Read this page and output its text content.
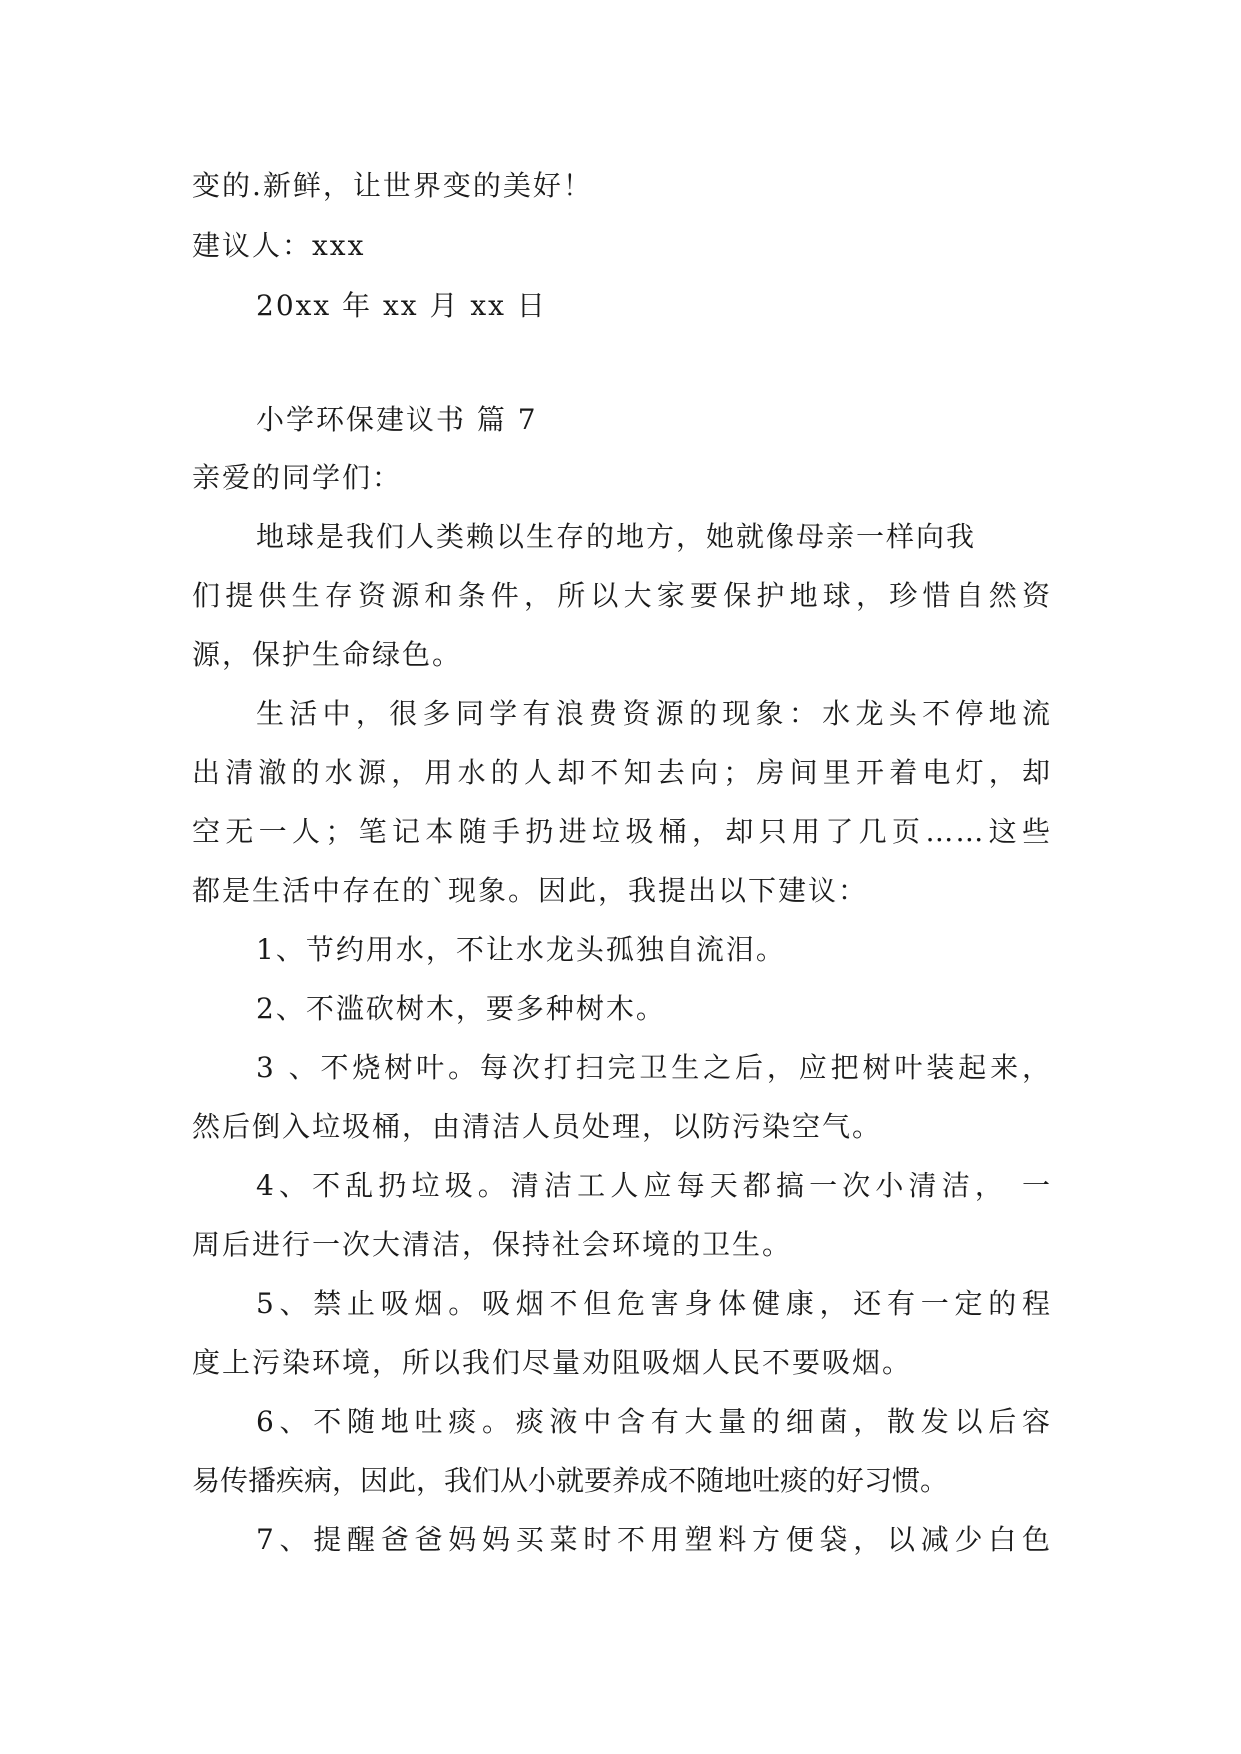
变的.新鲜，让世界变的美好！
建议人：xxx
20xx 年 xx 月 xx 日
小学环保建议书 篇 7
亲爱的同学们：
地球是我们人类赖以生存的地方，她就像母亲一样向我
们提供生存资源和条件，所以大家要保护地球，珍惜自然资
源，保护生命绿色。
生活中，很多同学有浪费资源的现象：水龙头不停地流
出清澈的水源，用水的人却不知去向；房间里开着电灯，却
空无一人；笔记本随手扔进垃圾桶，却只用了几页……这些
都是生活中存在的`现象。因此，我提出以下建议：
1、节约用水，不让水龙头孤独自流泪。
2、不滥砍树木，要多种树木。
3 、不烧树叶。每次打扫完卫生之后，应把树叶装起来，
然后倒入垃圾桶，由清洁人员处理，以防污染空气。
4、不乱扔垃圾。清洁工人应每天都搞一次小清洁， 一
周后进行一次大清洁，保持社会环境的卫生。
5、禁止吸烟。吸烟不但危害身体健康，还有一定的程
度上污染环境，所以我们尽量劝阻吸烟人民不要吸烟。
6、不随地吐痰。痰液中含有大量的细菌，散发以后容
易传播疾病，因此，我们从小就要养成不随地吐痰的好习惯。
7、提醒爸爸妈妈买菜时不用塑料方便袋，以减少白色
